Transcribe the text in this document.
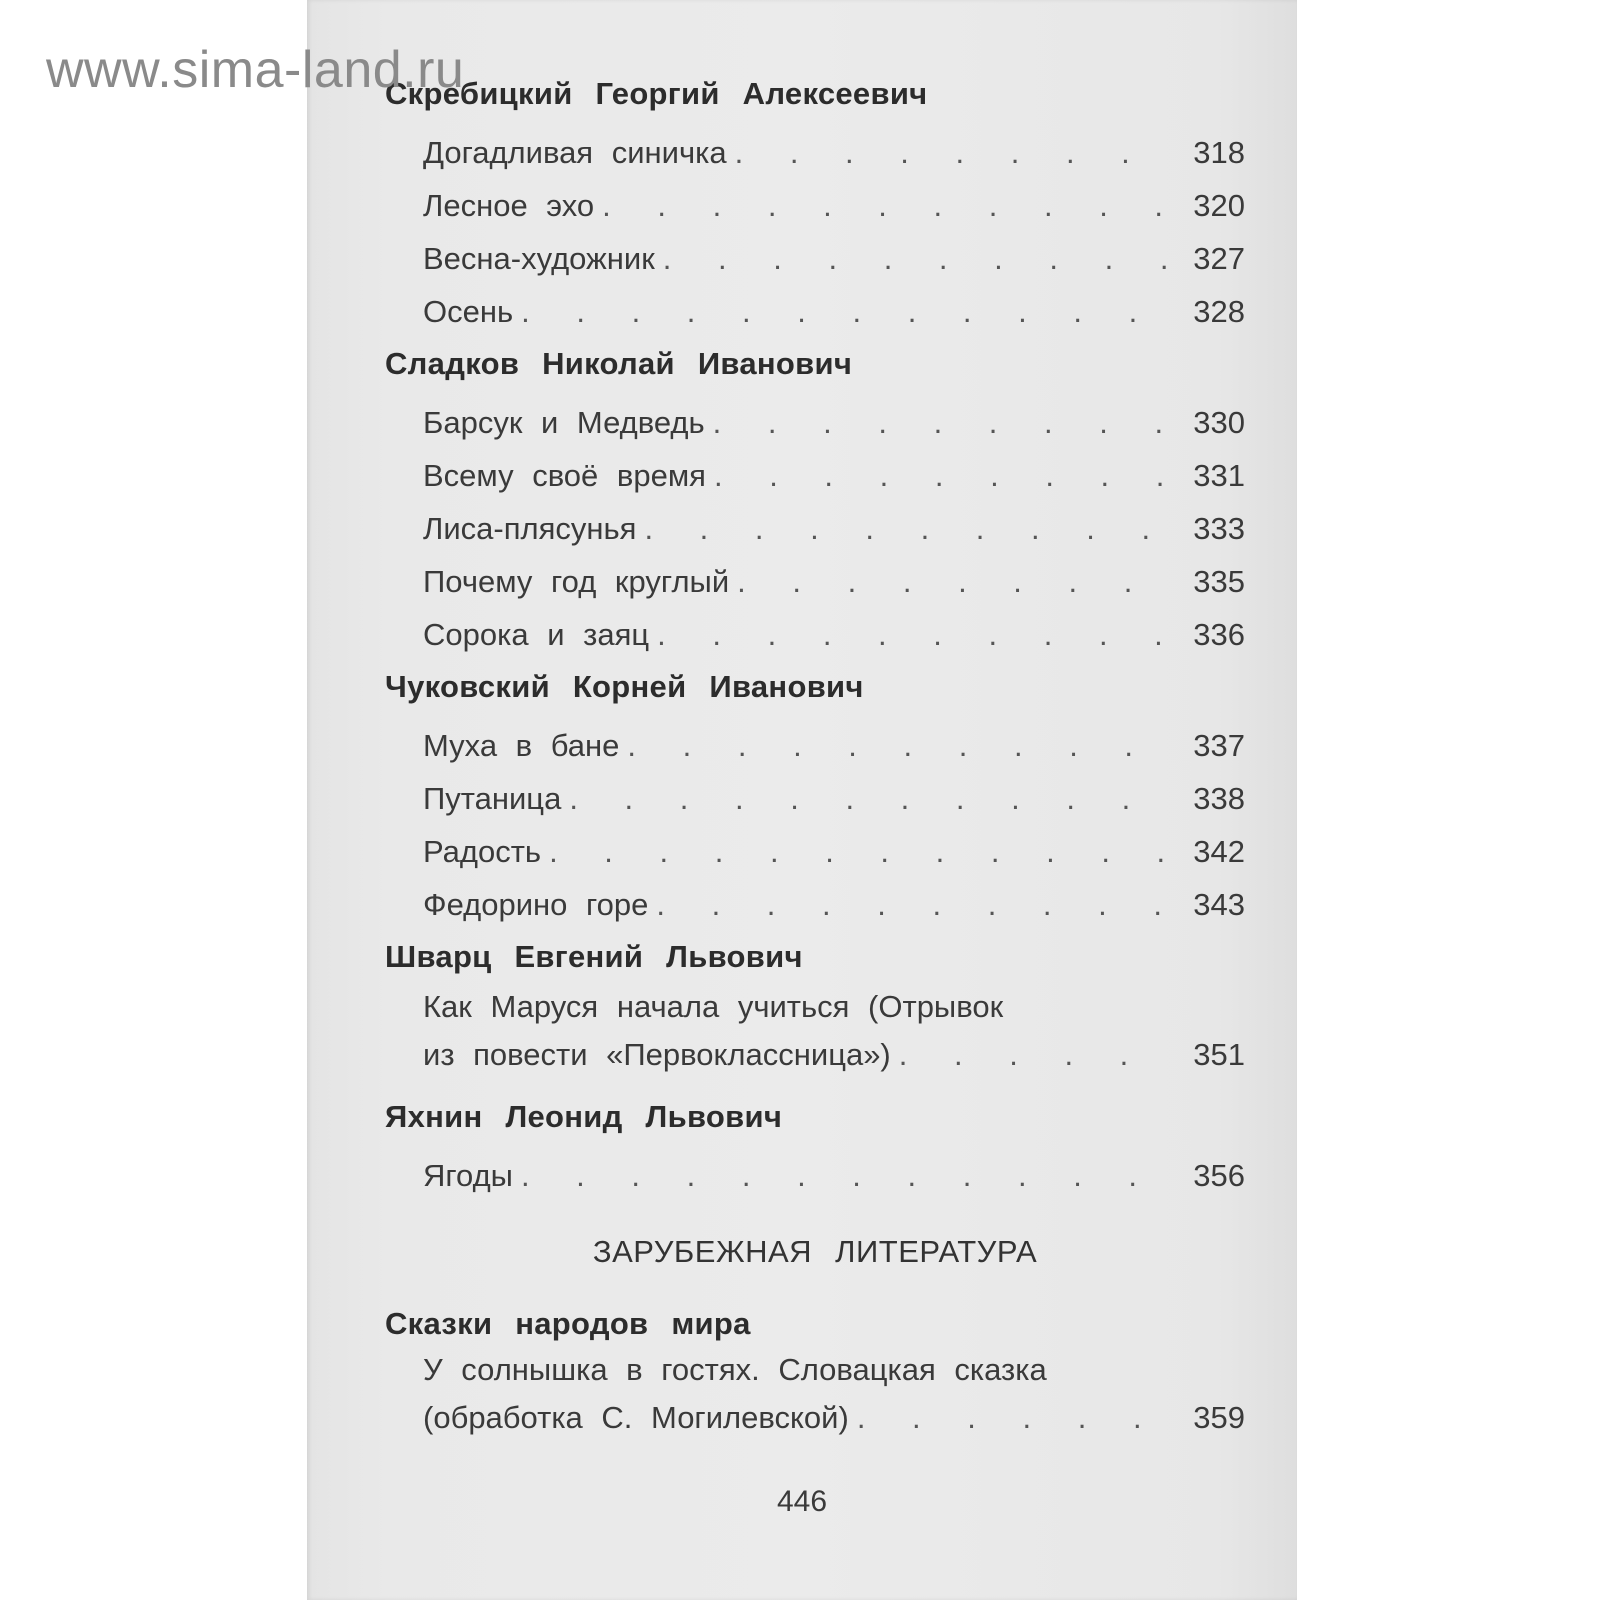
www.sima-land.ru
Скребицкий Георгий Алексеевич
Догадливая синичка . . .	318
Лесное эхо . . .	320
Весна-художник . . .	327
Осень . . .	328
Сладков Николай Иванович
Барсук и Медведь . . .	330
Всему своё время . . .	331
Лиса-плясунья . . .	333
Почему год круглый . . .	335
Сорока и заяц . . .	336
Чуковский Корней Иванович
Муха в бане . . .	337
Путаница . . .	338
Радость . . .	342
Федорино горе . . .	343
Шварц Евгений Львович
Как Маруся начала учиться (Отрывок
из повести «Первоклассница») . . .	351
Яхнин Леонид Львович
Ягоды . . .	356
ЗАРУБЕЖНАЯ ЛИТЕРАТУРА
Сказки народов мира
У солнышка в гостях. Словацкая сказка
(обработка С. Могилевской) . . .	359
446
